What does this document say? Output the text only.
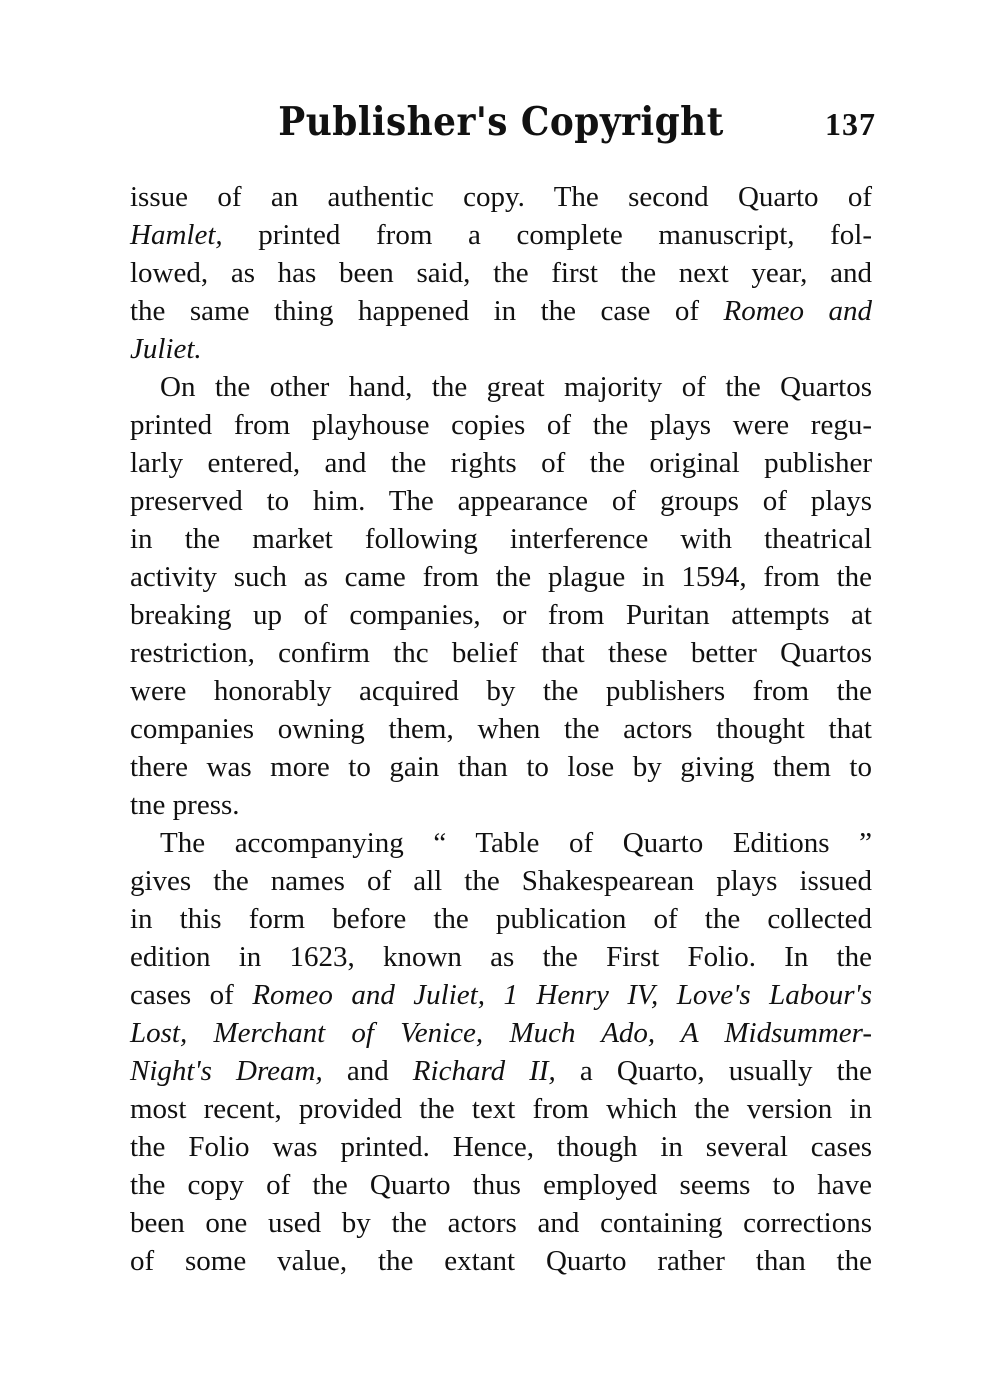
Publisher's Copyright	137
issue of an authentic copy. The second Quarto of
Hamlet, printed from a complete manuscript, fol-
lowed, as has been said, the first the next year, and
the same thing happened in the case of Romeo and
Juliet.
On the other hand, the great majority of the Quartos
printed from playhouse copies of the plays were regu-
larly entered, and the rights of the original publisher
preserved to him. The appearance of groups of plays
in the market following interference with theatrical
activity such as came from the plague in 1594, from the
breaking up of companies, or from Puritan attempts at
restriction, confirm thc belief that these better Quartos
were honorably acquired by the publishers from the
companies owning them, when the actors thought that
there was more to gain than to lose by giving them to
tne press.
The accompanying “ Table of Quarto Editions ”
gives the names of all the Shakespearean plays issued
in this form before the publication of the collected
edition in 1623, known as the First Folio. In the
cases of Romeo and Juliet, 1 Henry IV, Love's Labour's
Lost, Merchant of Venice, Much Ado, A Midsummer-
Night's Dream, and Richard II, a Quarto, usually the
most recent, provided the text from which the version in
the Folio was printed. Hence, though in several cases
the copy of the Quarto thus employed seems to have
been one used by the actors and containing corrections
of some value, the extant Quarto rather than the
